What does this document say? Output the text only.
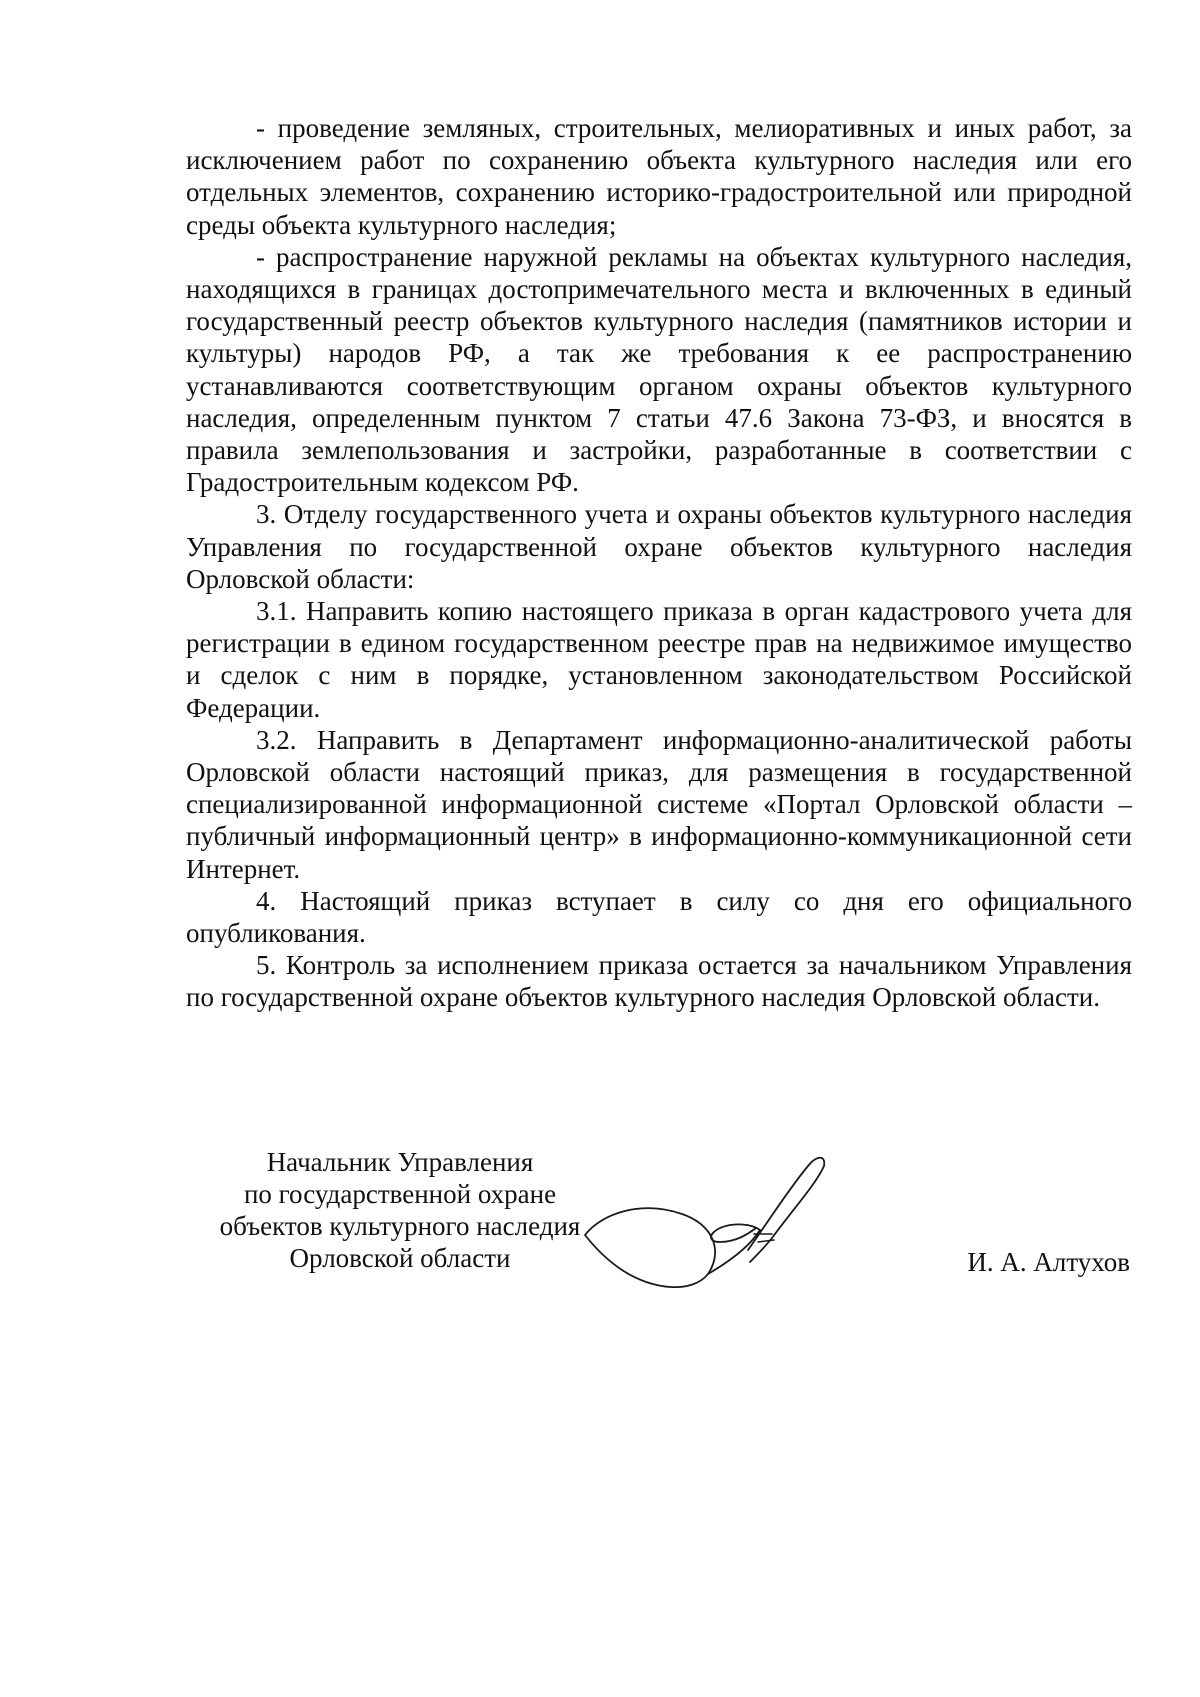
- проведение земляных, строительных, мелиоративных и иных работ, за исключением работ по сохранению объекта культурного наследия или его отдельных элементов, сохранению историко-градостроительной или природной среды объекта культурного наследия;

- распространение наружной рекламы на объектах культурного наследия, находящихся в границах достопримечательного места и включенных в единый государственный реестр объектов культурного наследия (памятников истории и культуры) народов РФ, а так же требования к ее распространению устанавливаются соответствующим органом охраны объектов культурного наследия, определенным пунктом 7 статьи 47.6 Закона 73-ФЗ, и вносятся в правила землепользования и застройки, разработанные в соответствии с Градостроительным кодексом РФ.

3. Отделу государственного учета и охраны объектов культурного наследия Управления по государственной охране объектов культурного наследия Орловской области:

3.1. Направить копию настоящего приказа в орган кадастрового учета для регистрации в едином государственном реестре прав на недвижимое имущество и сделок с ним в порядке, установленном законодательством Российской Федерации.

3.2. Направить в Департамент информационно-аналитической работы Орловской области настоящий приказ, для размещения в государственной специализированной информационной системе «Портал Орловской области – публичный информационный центр» в информационно-коммуникационной сети Интернет.

4. Настоящий приказ вступает в силу со дня его официального опубликования.

5. Контроль за исполнением приказа остается за начальником Управления по государственной охране объектов культурного наследия Орловской области.

Начальник Управления
по государственной охране
объектов культурного наследия
Орловской области	И. А. Алтухов
